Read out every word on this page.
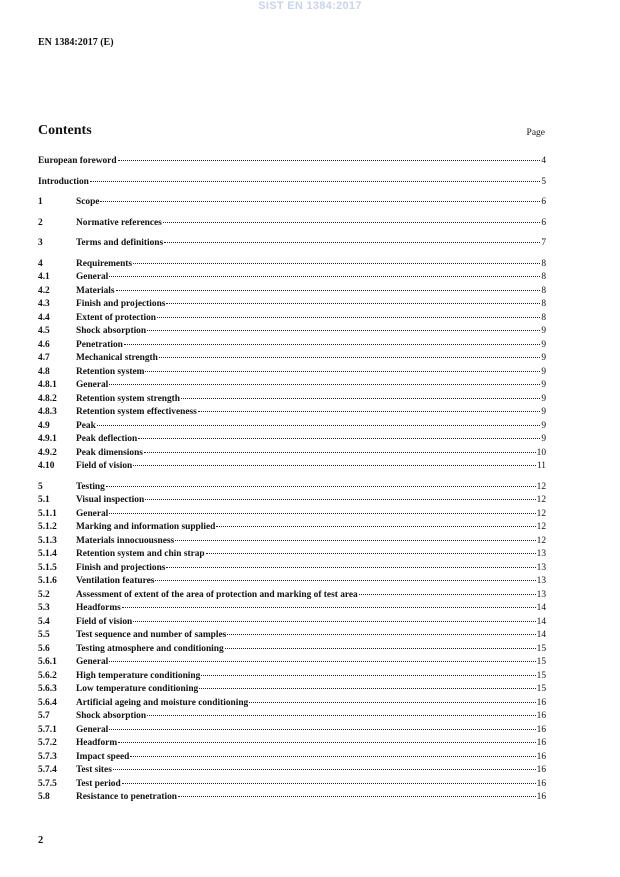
SIST EN 1384:2017
EN 1384:2017 (E)
Contents	Page
European foreword	4
Introduction	5
1	Scope	6
2	Normative references	6
3	Terms and definitions	7
4	Requirements	8
4.1	General	8
4.2	Materials	8
4.3	Finish and projections	8
4.4	Extent of protection	8
4.5	Shock absorption	9
4.6	Penetration	9
4.7	Mechanical strength	9
4.8	Retention system	9
4.8.1	General	9
4.8.2	Retention system strength	9
4.8.3	Retention system effectiveness	9
4.9	Peak	9
4.9.1	Peak deflection	9
4.9.2	Peak dimensions	10
4.10	Field of vision	11
5	Testing	12
5.1	Visual inspection	12
5.1.1	General	12
5.1.2	Marking and information supplied	12
5.1.3	Materials innocuousness	12
5.1.4	Retention system and chin strap	13
5.1.5	Finish and projections	13
5.1.6	Ventilation features	13
5.2	Assessment of extent of the area of protection and marking of test area	13
5.3	Headforms	14
5.4	Field of vision	14
5.5	Test sequence and number of samples	14
5.6	Testing atmosphere and conditioning	15
5.6.1	General	15
5.6.2	High temperature conditioning	15
5.6.3	Low temperature conditioning	15
5.6.4	Artificial ageing and moisture conditioning	16
5.7	Shock absorption	16
5.7.1	General	16
5.7.2	Headform	16
5.7.3	Impact speed	16
5.7.4	Test sites	16
5.7.5	Test period	16
5.8	Resistance to penetration	16
2
